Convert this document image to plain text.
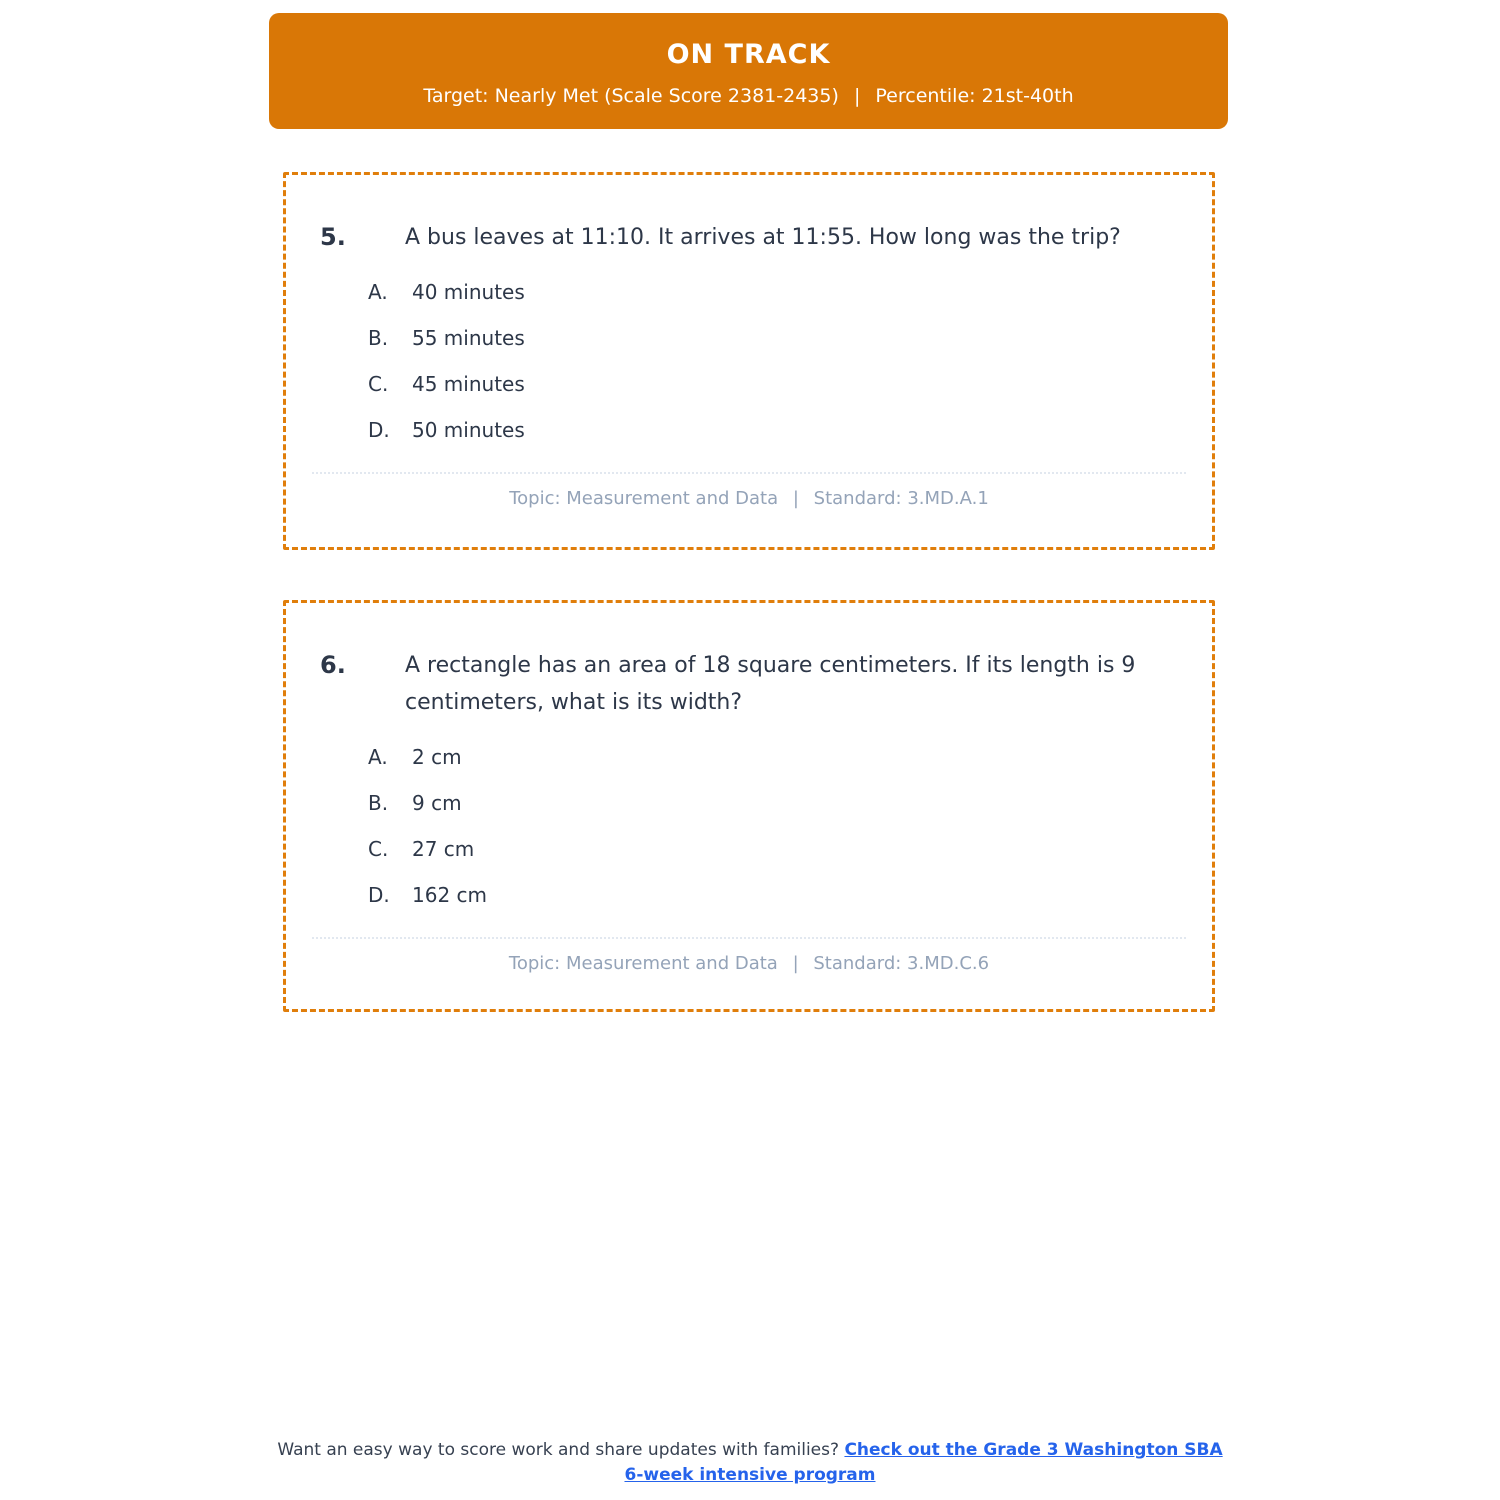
ON TRACK
Target: Nearly Met (Scale Score 2381-2435) | Percentile: 21st-40th
5.	A bus leaves at 11:10. It arrives at 11:55. How long was the trip?
A.	40 minutes
B.	55 minutes
C.	45 minutes
D.	50 minutes
Topic: Measurement and Data | Standard: 3.MD.A.1
6.	A rectangle has an area of 18 square centimeters. If its length is 9 centimeters, what is its width?
A.	2 cm
B.	9 cm
C.	27 cm
D.	162 cm
Topic: Measurement and Data | Standard: 3.MD.C.6
Want an easy way to score work and share updates with families? Check out the Grade 3 Washington SBA 6-week intensive program
